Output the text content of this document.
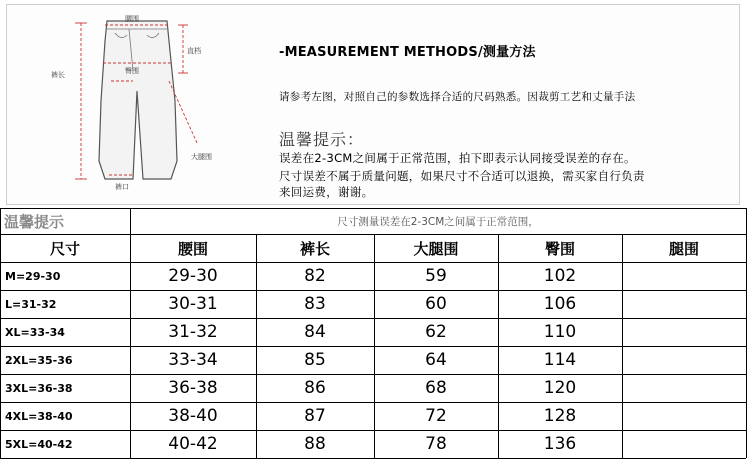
腰围
裤长	臀围
直档
大腿围
裤口
-MEASUREMENT METHODS/测量方法
请参考左图，对照自己的参数选择合适的尺码熟悉。因裁剪工艺和丈量手法
温馨提示：
误差在2-3CM之间属于正常范围，拍下即表示认同接受误差的存在。
尺寸误差不属于质量问题，如果尺寸不合适可以退换，需买家自行负责
来回运费，谢谢。
温馨提示	尺寸测量误差在2-3CM之间属于正常范围，
尺寸	腰围	裤长	大腿围	臀围	腿围
M=29-30	29-30	82	59	102
L=31-32	30-31	83	60	106
XL=33-34	31-32	84	62	110
2XL=35-36	33-34	85	64	114
3XL=36-38	36-38	86	68	120
4XL=38-40	38-40	87	72	128
5XL=40-42	40-42	88	78	136
